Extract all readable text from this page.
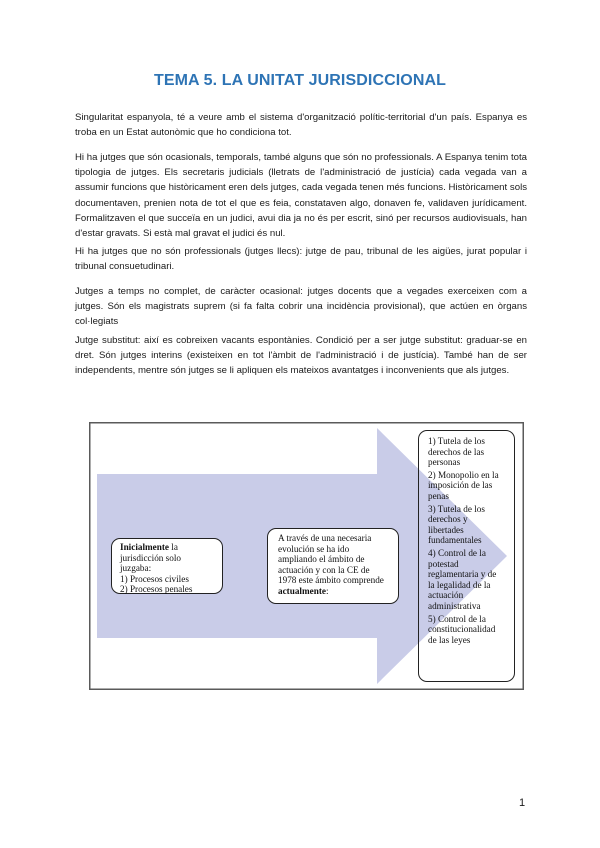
TEMA 5. LA UNITAT JURISDICCIONAL

Singularitat espanyola, té a veure amb el sistema d'organització polític-territorial d'un país. Espanya es troba en un Estat autonòmic que ho condiciona tot.

Hi ha jutges que són ocasionals, temporals, també alguns que són no professionals. A Espanya tenim tota tipologia de jutges. Els secretaris judicials (lletrats de l'administració de justícia) cada vegada van a assumir funcions que històricament eren dels jutges, cada vegada tenen més funcions. Històricament sols documentaven, prenien nota de tot el que es feia, constataven algo, donaven fe, validaven jurídicament. Formalitzaven el que succeïa en un judici, avui dia ja no és per escrit, sinó per recursos audiovisuals, han d'estar gravats. Si està mal gravat el judici és nul.

Hi ha jutges que no són professionals (jutges llecs): jutge de pau, tribunal de les aigües, jurat popular i tribunal consuetudinari.

Jutges a temps no complet, de caràcter ocasional: jutges docents que a vegades exerceixen com a jutges. Són els magistrats suprem (si fa falta cobrir una incidència provisional), que actúen en òrgans col·legiats

Jutge substitut: així es cobreixen vacants espontànies. Condició per a ser jutge substitut: graduar-se en dret. Són jutges interins (existeixen en tot l'àmbit de l'administració i de justícia). També han de ser independents, mentre són jutges se li apliquen els mateixos avantatges i inconvenients que als jutges.

Inicialmente la jurisdicción solo juzgaba:
1) Procesos civiles
2) Procesos penales
A través de una necesaria evolución se ha ido ampliando el ámbito de actuación y con la CE de 1978 este ámbito comprende actualmente:
1) Tutela de los derechos de las personas
2) Monopolio en la imposición de las penas
3) Tutela de los derechos y libertades fundamentales
4) Control de la potestad reglamentaria y de la legalidad de la actuación administrativa
5) Control de la constitucionalidad de las leyes
1
